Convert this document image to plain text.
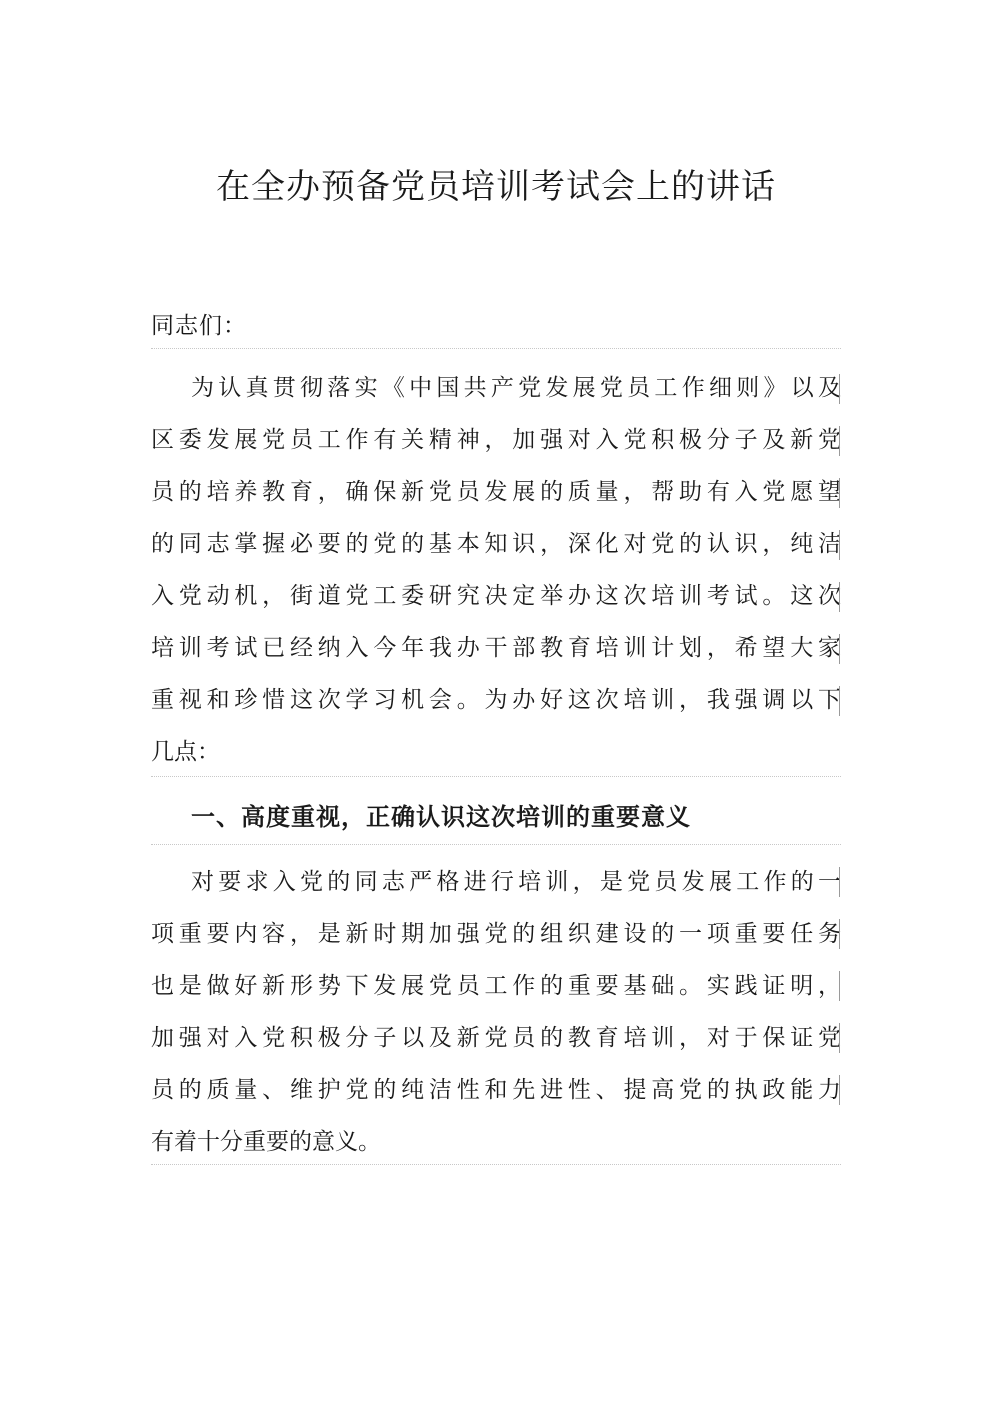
在全办预备党员培训考试会上的讲话
同志们：
为认真贯彻落实《中国共产党发展党员工作细则》以及
区委发展党员工作有关精神，加强对入党积极分子及新党
员的培养教育，确保新党员发展的质量，帮助有入党愿望
的同志掌握必要的党的基本知识，深化对党的认识，纯洁
入党动机，街道党工委研究决定举办这次培训考试。这次
培训考试已经纳入今年我办干部教育培训计划，希望大家
重视和珍惜这次学习机会。为办好这次培训，我强调以下
几点：
一、高度重视，正确认识这次培训的重要意义
对要求入党的同志严格进行培训，是党员发展工作的一
项重要内容，是新时期加强党的组织建设的一项重要任务
也是做好新形势下发展党员工作的重要基础。实践证明，
加强对入党积极分子以及新党员的教育培训，对于保证党
员的质量、维护党的纯洁性和先进性、提高党的执政能力
有着十分重要的意义。
